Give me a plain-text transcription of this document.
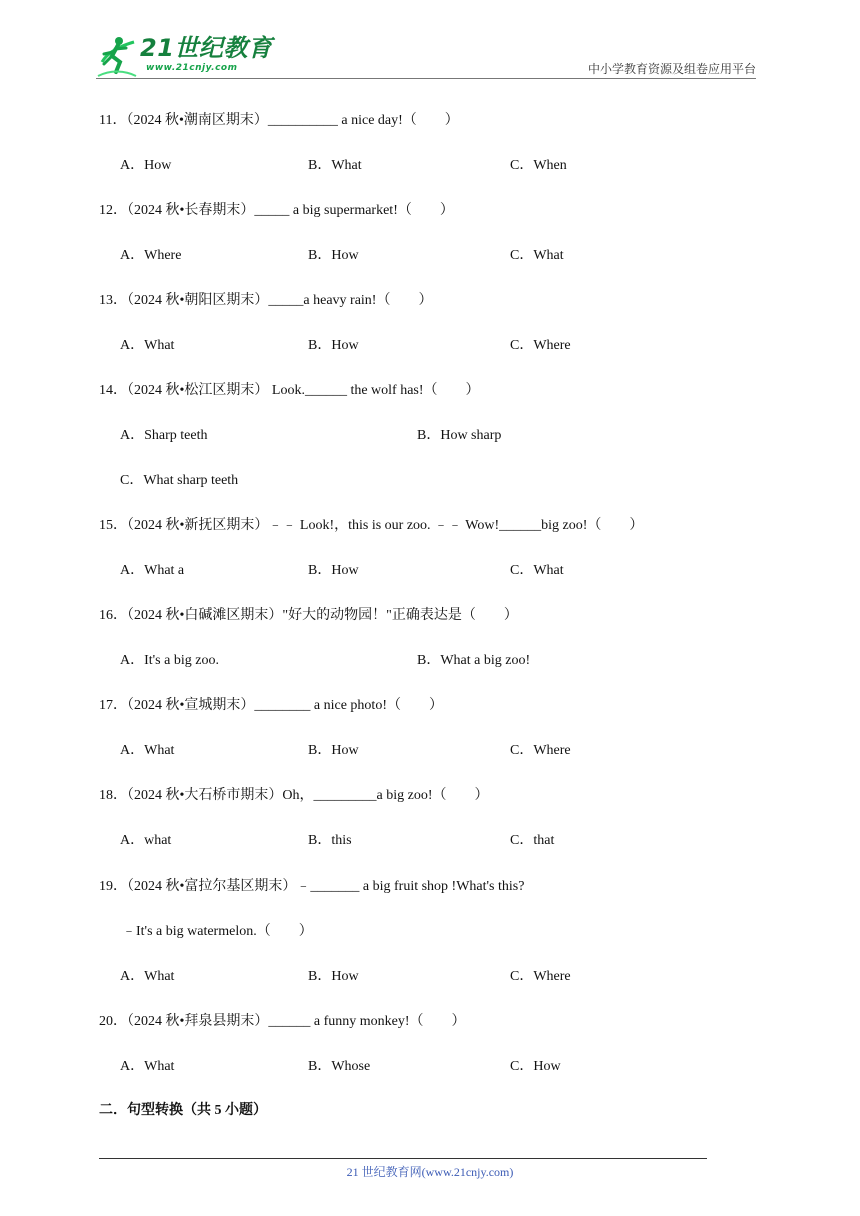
21世纪教育
www.21cnjy.com	中小学教育资源及组卷应用平台
11．（2024 秋•潮南区期末）__________ a nice day!（　　）
A．How	B．What	C．When
12．（2024 秋•长春期末）_____ a big supermarket!（　　）
A．Where	B．How	C．What
13．（2024 秋•朝阳区期末）_____a heavy rain!（　　）
A．What	B．How	C．Where
14．（2024 秋•松江区期末） Look.______ the wolf has!（　　）
A．Sharp teeth	B．How sharp
C．What sharp teeth
15．（2024 秋•新抚区期末）﹣﹣ Look!，this is our zoo. ﹣﹣ Wow!______big zoo!（　　）
A．What a	B．How	C．What
16．（2024 秋•白碱滩区期末）"好大的动物园！"正确表达是（　　）
A．It's a big zoo.	B．What a big zoo!
17．（2024 秋•宣城期末）________ a nice photo!（　　）
A．What	B．How	C．Where
18．（2024 秋•大石桥市期末）Oh，_________a big zoo!（　　）
A．what	B．this	C．that
19．（2024 秋•富拉尔基区期末）﹣_______ a big fruit shop !What's this?
﹣It's a big watermelon.（　　）
A．What	B．How	C．Where
20．（2024 秋•拜泉县期末）______ a funny monkey!（　　）
A．What	B．Whose	C．How
二．句型转换（共 5 小题）
21 世纪教育网(www.21cnjy.com)
